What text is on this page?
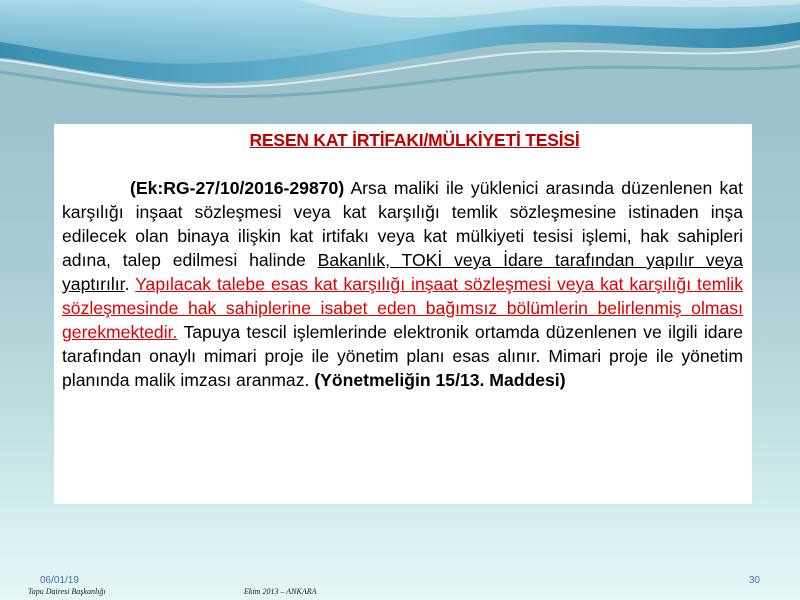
RESEN KAT İRTİFAKI/MÜLKİYETİ TESİSİ

(Ek:RG-27/10/2016-29870) Arsa maliki ile yüklenici arasında düzenlenen kat karşılığı inşaat sözleşmesi veya kat karşılığı temlik sözleşmesine istinaden inşa edilecek olan binaya ilişkin kat irtifakı veya kat mülkiyeti tesisi işlemi, hak sahipleri adına, talep edilmesi halinde Bakanlık, TOKİ veya İdare tarafından yapılır veya yaptırılır. Yapılacak talebe esas kat karşılığı inşaat sözleşmesi veya kat karşılığı temlik sözleşmesinde hak sahiplerine isabet eden bağımsız bölümlerin belirlenmiş olması gerekmektedir. Tapuya tescil işlemlerinde elektronik ortamda düzenlenen ve ilgili idare tarafından onaylı mimari proje ile yönetim planı esas alınır. Mimari proje ile yönetim planında malik imzası aranmaz. (Yönetmeliğin 15/13. Maddesi)

06/01/19
Tapu Dairesi Başkanlığı	Ekim 2013 – ANKARA
30
